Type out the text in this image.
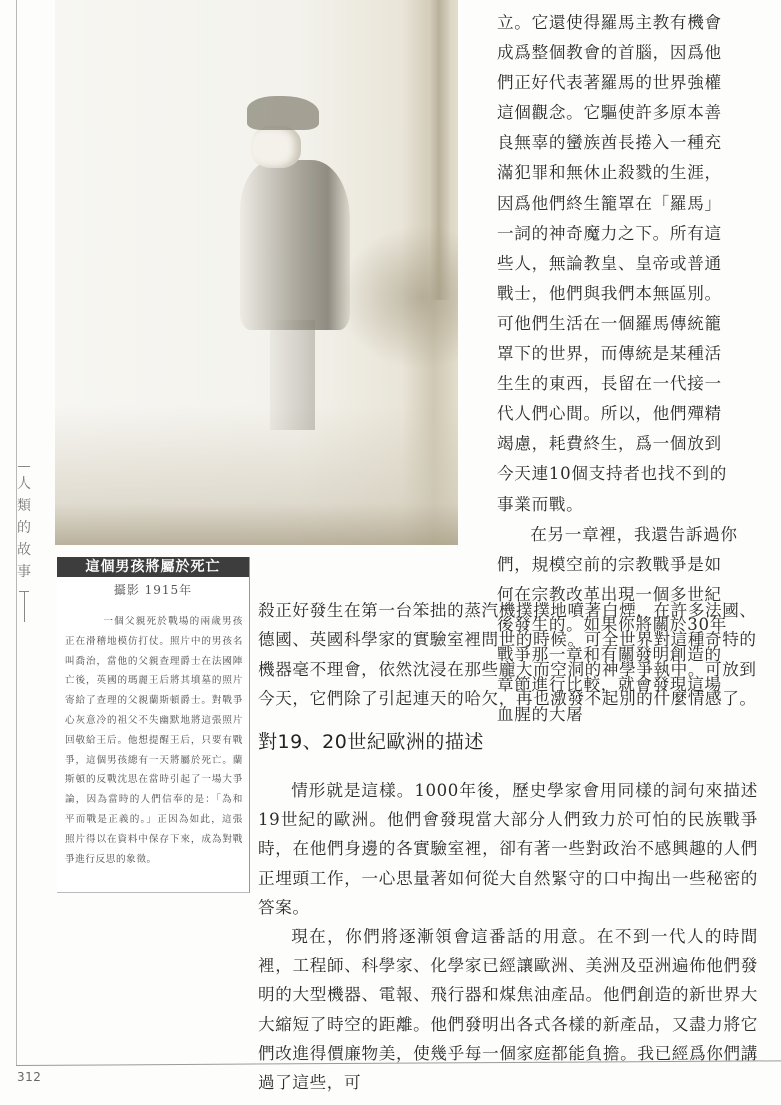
人
類
的
故
事	這個男孩將屬於死亡
攝影 1915年
一個父親死於戰場的兩歲男孩正在滑稽地模仿打仗。照片中的男孩名叫喬治，當他的父親查理爵士在法國陣亡後，英國的瑪麗王后將其墳墓的照片寄給了查理的父親蘭斯頓爵士。對戰爭心灰意冷的祖父不失幽默地將這張照片回敬給王后。他想提醒王后，只要有戰爭，這個男孩總有一天將屬於死亡。蘭斯頓的反戰沈思在當時引起了一場大爭論，因為當時的人們信奉的是：「為和平而戰是正義的。」正因為如此，這張照片得以在資料中保存下來，成為對戰爭進行反思的象徵。

立。它還使得羅馬主教有機會成爲整個教會的首腦，因爲他們正好代表著羅馬的世界強權這個觀念。它驅使許多原本善良無辜的蠻族酋長捲入一種充滿犯罪和無休止殺戮的生涯，因爲他們終生籠罩在「羅馬」一詞的神奇魔力之下。所有這些人，無論教皇、皇帝或普通戰士，他們與我們本無區別。可他們生活在一個羅馬傳統籠罩下的世界，而傳統是某種活生生的東西，長留在一代接一代人們心間。所以，他們殫精竭慮，耗費終生，爲一個放到今天連10個支持者也找不到的事業而戰。

在另一章裡，我還告訴過你們，規模空前的宗教戰爭是如何在宗教改革出現一個多世紀後發生的。如果你將關於30年戰爭那一章和有關發明創造的章節進行比較，就會發現這場血腥的大屠

殺正好發生在第一台笨拙的蒸汽機撲撲地噴著白煙，在許多法國、德國、英國科學家的實驗室裡問世的時候。可全世界對這種奇特的機器毫不理會，依然沈浸在那些龐大而空洞的神學爭執中。可放到今天，它們除了引起連天的哈欠，再也激發不起別的什麼情感了。

對19、20世紀歐洲的描述

情形就是這樣。1000年後，歷史學家會用同樣的詞句來描述19世紀的歐洲。他們會發現當大部分人們致力於可怕的民族戰爭時，在他們身邊的各實驗室裡，卻有著一些對政治不感興趣的人們正埋頭工作，一心思量著如何從大自然緊守的口中掏出一些秘密的答案。

現在，你們將逐漸領會這番話的用意。在不到一代人的時間裡，工程師、科學家、化學家已經讓歐洲、美洲及亞洲遍佈他們發明的大型機器、電報、飛行器和煤焦油產品。他們創造的新世界大大縮短了時空的距離。他們發明出各式各樣的新產品，又盡力將它們改進得價廉物美，使幾乎每一個家庭都能負擔。我已經爲你們講過了這些，可

312
